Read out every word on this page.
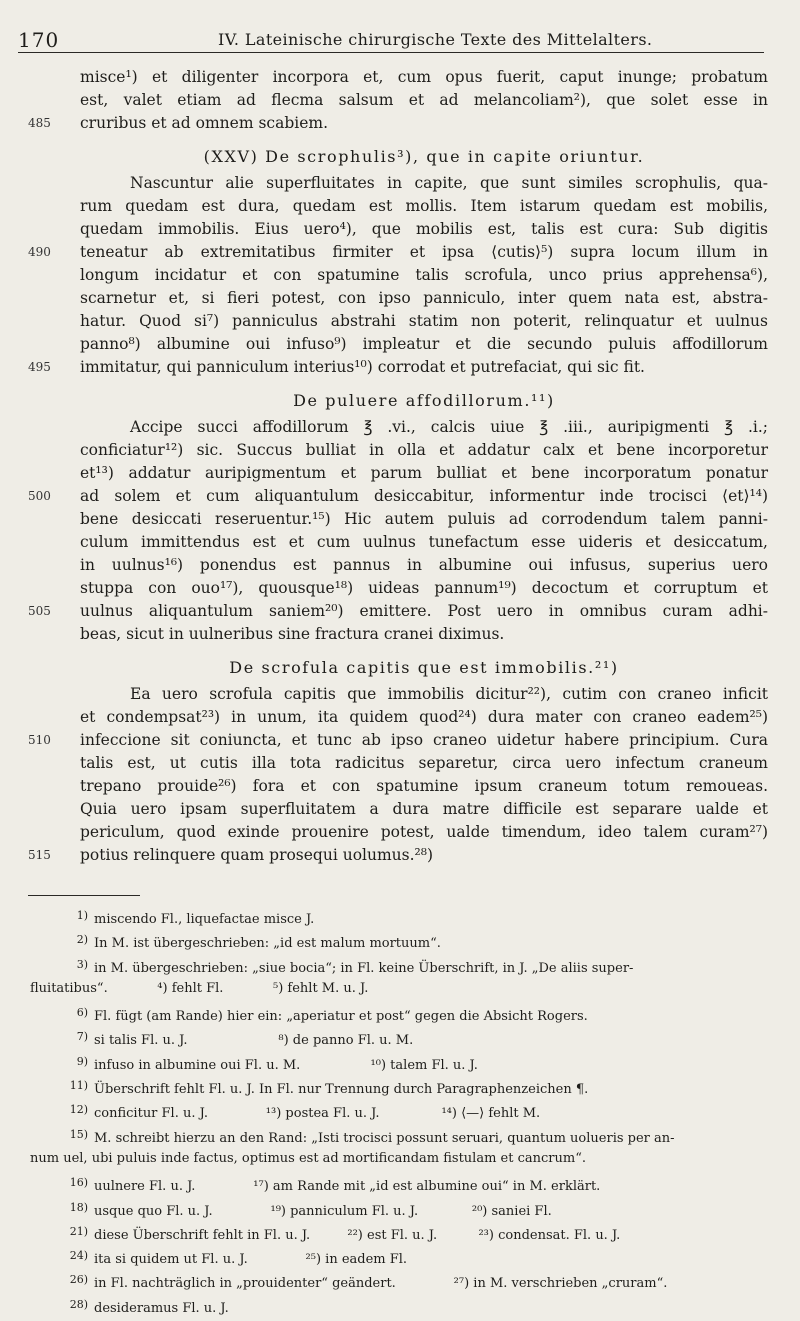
170	IV. Lateinische chirurgische Texte des Mittelalters.
misce¹) et diligenter incorpora et, cum opus fuerit, caput inunge; probatum
est, valet etiam ad flecma salsum et ad melancoliam²), que solet esse in
cruribus et ad omnem scabiem.
485
(XXV) De scrophulis³), que in capite oriuntur.
Nascuntur alie superfluitates in capite, que sunt similes scrophulis, qua-
rum quedam est dura, quedam est mollis. Item istarum quedam est mobilis,
quedam immobilis. Eius uero⁴), que mobilis est, talis est cura: Sub digitis
teneatur ab extremitatibus firmiter et ipsa ⟨cutis⟩⁵) supra locum illum in
490
longum incidatur et con spatumine talis scrofula, unco prius apprehensa⁶),
scarnetur et, si fieri potest, con ipso panniculo, inter quem nata est, abstra-
hatur. Quod si⁷) panniculus abstrahi statim non poterit, relinquatur et uulnus
panno⁸) albumine oui infuso⁹) impleatur et die secundo puluis affodillorum
immitatur, qui panniculum interius¹⁰) corrodat et putrefaciat, qui sic fit.
495
De puluere affodillorum.¹¹)
Accipe succi affodillorum ℥ .vi., calcis uiue ℥ .iii., auripigmenti ℥ .i.;
conficiatur¹²) sic. Succus bulliat in olla et addatur calx et bene incorporetur
et¹³) addatur auripigmentum et parum bulliat et bene incorporatum ponatur
ad solem et cum aliquantulum desiccabitur, informentur inde trocisci ⟨et⟩¹⁴)
500
bene desiccati reseruentur.¹⁵) Hic autem puluis ad corrodendum talem panni-
culum immittendus est et cum uulnus tunefactum esse uideris et desiccatum,
in uulnus¹⁶) ponendus est pannus in albumine oui infusus, superius uero
stuppa con ouo¹⁷), quousque¹⁸) uideas pannum¹⁹) decoctum et corruptum et
uulnus aliquantulum saniem²⁰) emittere. Post uero in omnibus curam adhi-
505
beas, sicut in uulneribus sine fractura cranei diximus.
De scrofula capitis que est immobilis.²¹)
Ea uero scrofula capitis que immobilis dicitur²²), cutim con craneo inficit
et condempsat²³) in unum, ita quidem quod²⁴) dura mater con craneo eadem²⁵)
infeccione sit coniuncta, et tunc ab ipso craneo uidetur habere principium. Cura
510
talis est, ut cutis illa tota radicitus separetur, circa uero infectum craneum
trepano prouide²⁶) fora et con spatumine ipsum craneum totum remoueas.
Quia uero ipsam superfluitatem a dura matre difficile est separare ualde et
periculum, quod exinde prouenire potest, ualde timendum, ideo talem curam²⁷)
potius relinquere quam prosequi uolumus.²⁸)
515
1) miscendo Fl., liquefactae misce J.
2) In M. ist übergeschrieben: „id est malum mortuum“.
3) in M. übergeschrieben: „siue bocia“; in Fl. keine Überschrift, in J. „De aliis super-
fluitatibus“.            ⁴) fehlt Fl.            ⁵) fehlt M. u. J.
6) Fl. fügt (am Rande) hier ein: „aperiatur et post“ gegen die Absicht Rogers.
7) si talis Fl. u. J.                      ⁸) de panno Fl. u. M.
9) infuso in albumine oui Fl. u. M.                 ¹⁰) talem Fl. u. J.
11) Überschrift fehlt Fl. u. J. In Fl. nur Trennung durch Paragraphenzeichen ¶.
12) conficitur Fl. u. J.              ¹³) postea Fl. u. J.               ¹⁴) ⟨—⟩ fehlt M.
15) M. schreibt hierzu an den Rand: „Isti trocisci possunt seruari, quantum uolueris per an-
num uel, ubi puluis inde factus, optimus est ad mortificandam fistulam et cancrum“.
16) uulnere Fl. u. J.              ¹⁷) am Rande mit „id est albumine oui“ in M. erklärt.
18) usque quo Fl. u. J.              ¹⁹) panniculum Fl. u. J.             ²⁰) saniei Fl.
21) diese Überschrift fehlt in Fl. u. J.         ²²) est Fl. u. J.          ²³) condensat. Fl. u. J.
24) ita si quidem ut Fl. u. J.              ²⁵) in eadem Fl.
26) in Fl. nachträglich in „prouidenter“ geändert.              ²⁷) in M. verschrieben „cruram“.
28) desideramus Fl. u. J.
